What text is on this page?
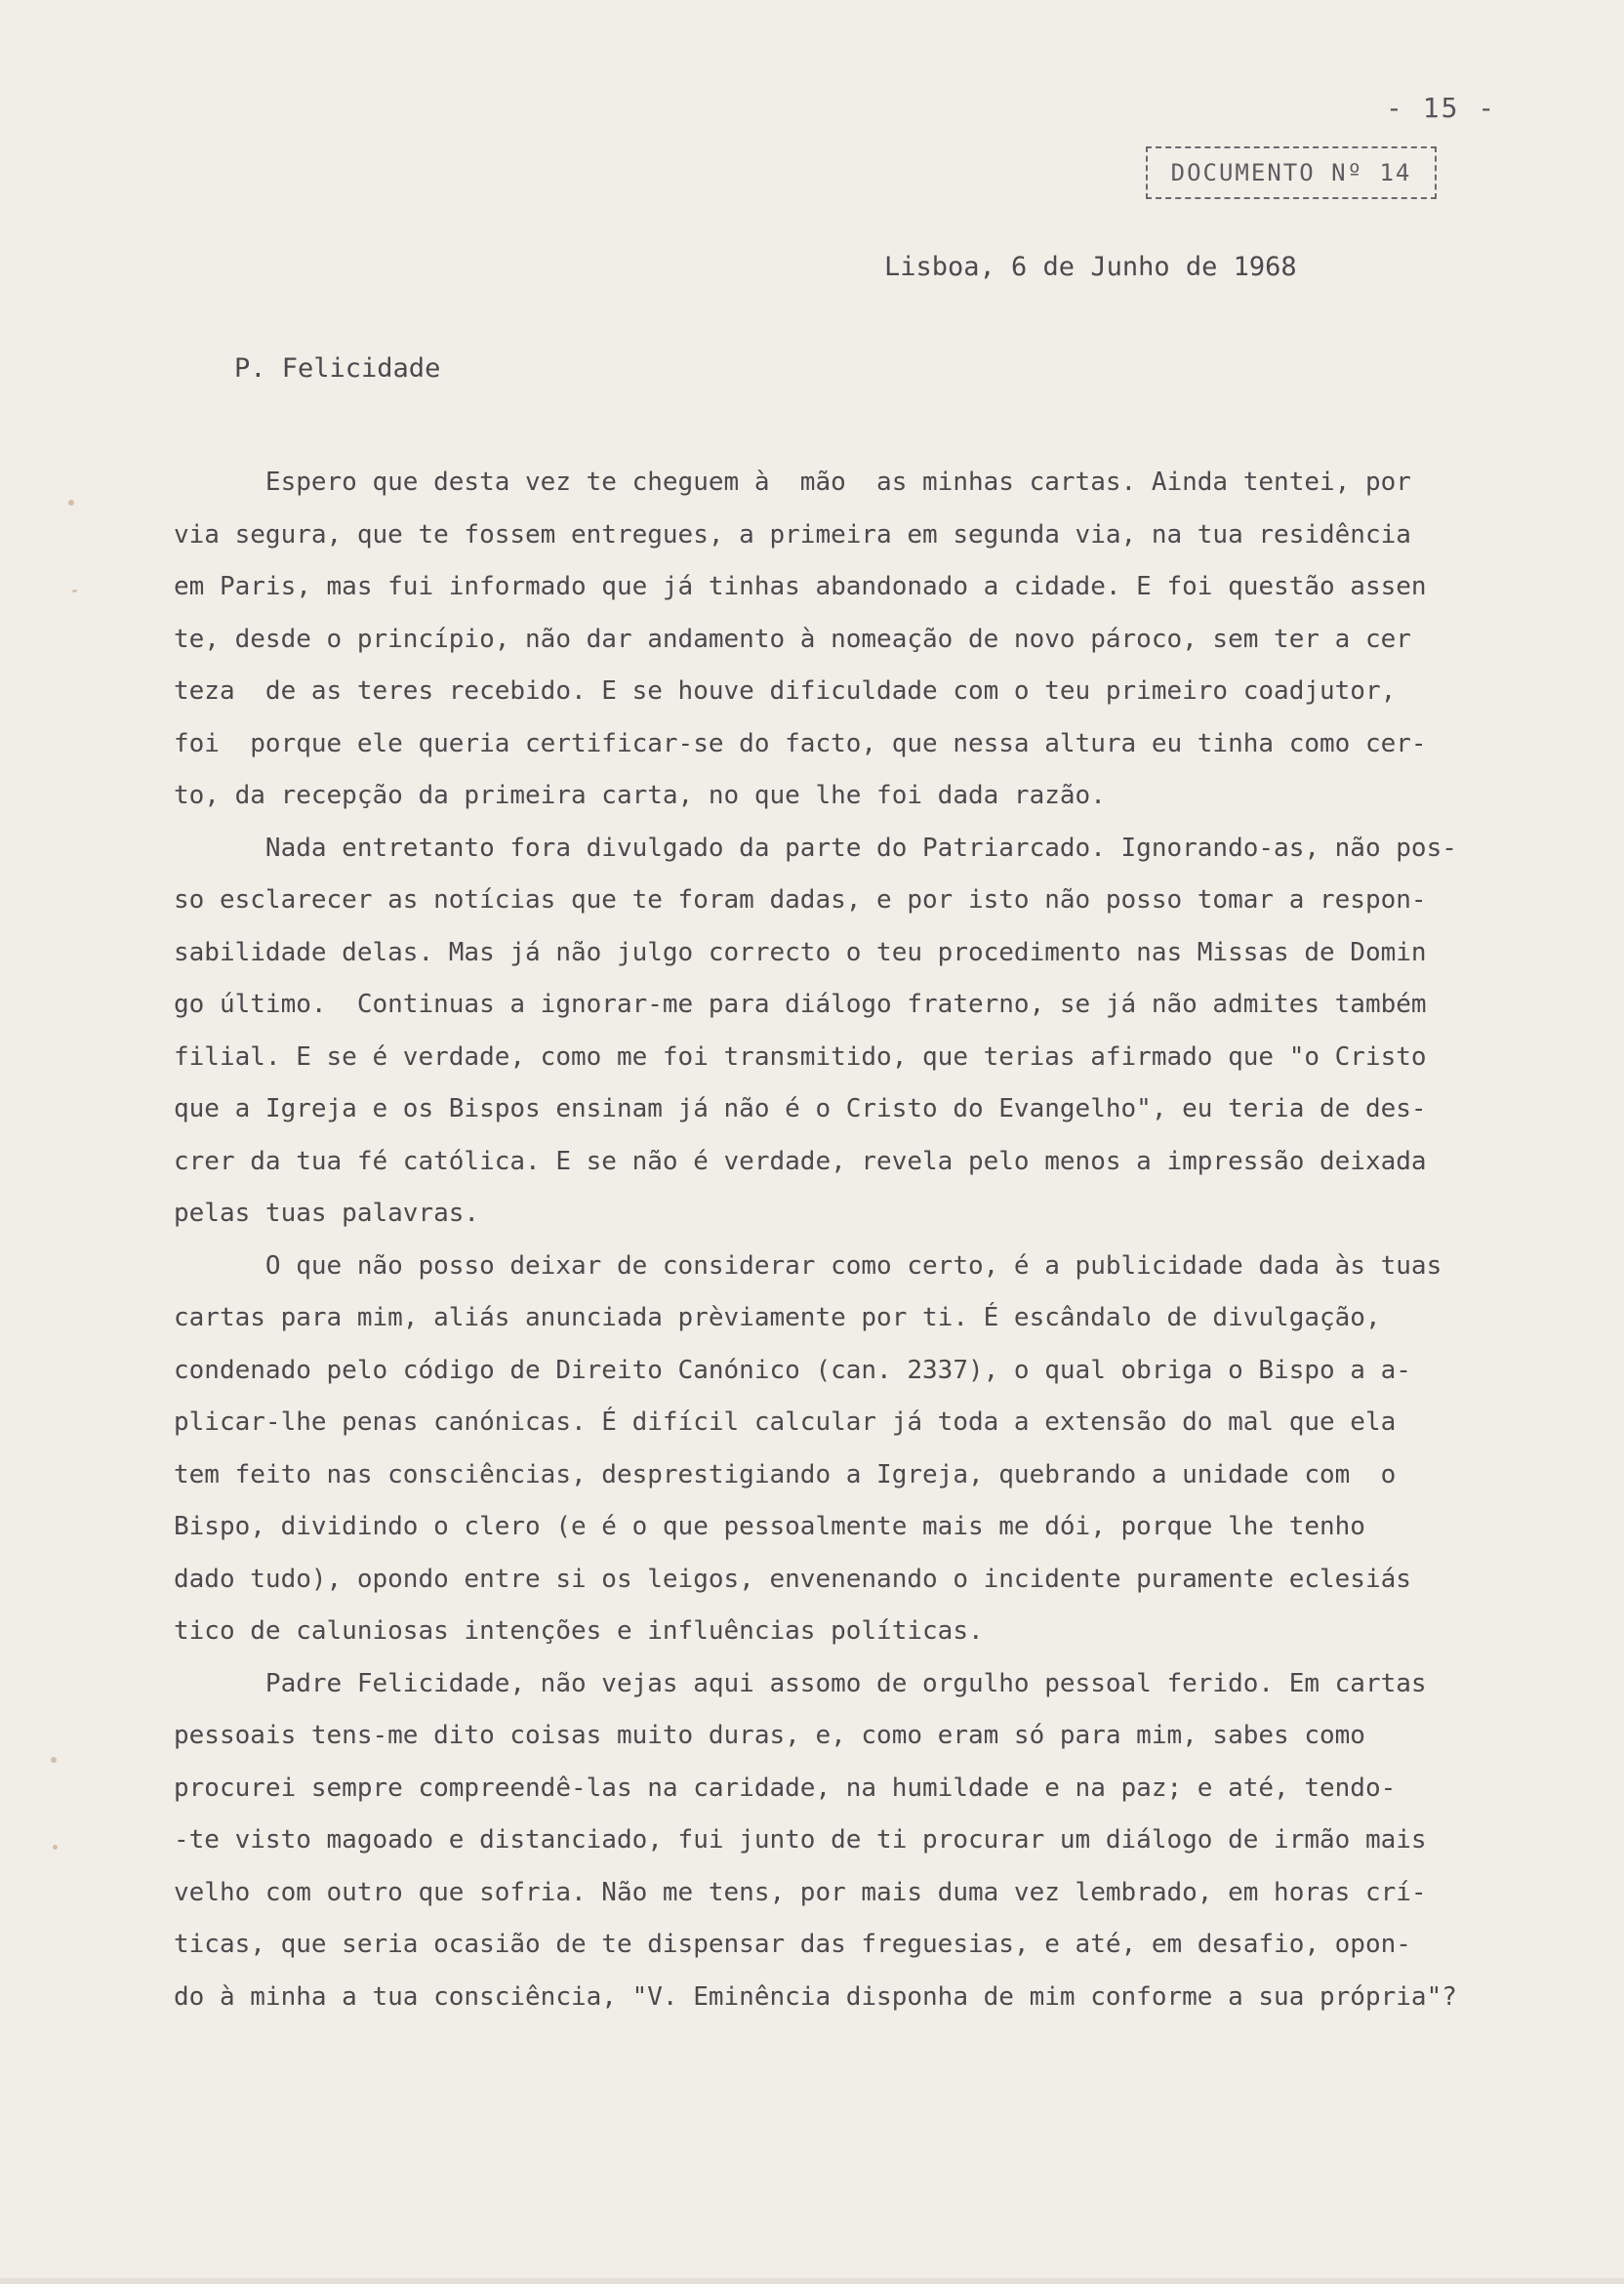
- 15 -
DOCUMENTO Nº 14
Lisboa, 6 de Junho de 1968
P. Felicidade
Espero que desta vez te cheguem à  mão  as minhas cartas. Ainda tentei, por
via segura, que te fossem entregues, a primeira em segunda via, na tua residência
em Paris, mas fui informado que já tinhas abandonado a cidade. E foi questão assen
te, desde o princípio, não dar andamento à nomeação de novo pároco, sem ter a cer
teza  de as teres recebido. E se houve dificuldade com o teu primeiro coadjutor,
foi  porque ele queria certificar-se do facto, que nessa altura eu tinha como cer-
to, da recepção da primeira carta, no que lhe foi dada razão.
Nada entretanto fora divulgado da parte do Patriarcado. Ignorando-as, não pos-
so esclarecer as notícias que te foram dadas, e por isto não posso tomar a respon-
sabilidade delas. Mas já não julgo correcto o teu procedimento nas Missas de Domin
go último.  Continuas a ignorar-me para diálogo fraterno, se já não admites também
filial. E se é verdade, como me foi transmitido, que terias afirmado que "o Cristo
que a Igreja e os Bispos ensinam já não é o Cristo do Evangelho", eu teria de des-
crer da tua fé católica. E se não é verdade, revela pelo menos a impressão deixada
pelas tuas palavras.
O que não posso deixar de considerar como certo, é a publicidade dada às tuas
cartas para mim, aliás anunciada prèviamente por ti. É escândalo de divulgação,
condenado pelo código de Direito Canónico (can. 2337), o qual obriga o Bispo a a-
plicar-lhe penas canónicas. É difícil calcular já toda a extensão do mal que ela
tem feito nas consciências, desprestigiando a Igreja, quebrando a unidade com  o
Bispo, dividindo o clero (e é o que pessoalmente mais me dói, porque lhe tenho
dado tudo), opondo entre si os leigos, envenenando o incidente puramente eclesiás
tico de caluniosas intenções e influências políticas.
Padre Felicidade, não vejas aqui assomo de orgulho pessoal ferido. Em cartas
pessoais tens-me dito coisas muito duras, e, como eram só para mim, sabes como
procurei sempre compreendê-las na caridade, na humildade e na paz; e até, tendo-
-te visto magoado e distanciado, fui junto de ti procurar um diálogo de irmão mais
velho com outro que sofria. Não me tens, por mais duma vez lembrado, em horas crí-
ticas, que seria ocasião de te dispensar das freguesias, e até, em desafio, opon-
do à minha a tua consciência, "V. Eminência disponha de mim conforme a sua própria"?
